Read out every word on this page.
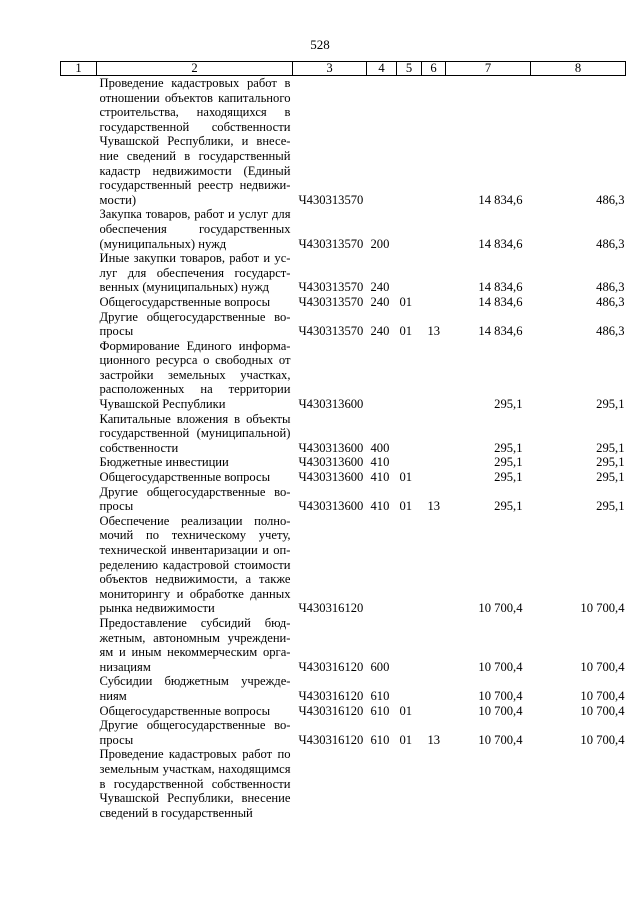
528
1	2	3	4	5	6	7	8
	Проведение кадастровых работ в отношении объектов капитального строительства, находящихся в государственной собственности Чувашской Республики, и внесение сведений в государственный кадастр недвижимости (Единый государственный реестр недвижимости)	Ч430313570				14 834,6	486,3
	Закупка товаров, работ и услуг для обеспечения государственных (муниципальных) нужд	Ч430313570	200			14 834,6	486,3
	Иные закупки товаров, работ и услуг для обеспечения государственных (муниципальных) нужд	Ч430313570	240			14 834,6	486,3
	Общегосударственные вопросы	Ч430313570	240	01		14 834,6	486,3
	Другие общегосударственные вопросы	Ч430313570	240	01	13	14 834,6	486,3
	Формирование Единого информационного ресурса о свободных от застройки земельных участках, расположенных на территории Чувашской Республики	Ч430313600				295,1	295,1
	Капитальные вложения в объекты государственной (муниципальной) собственности	Ч430313600	400			295,1	295,1
	Бюджетные инвестиции	Ч430313600	410			295,1	295,1
	Общегосударственные вопросы	Ч430313600	410	01		295,1	295,1
	Другие общегосударственные вопросы	Ч430313600	410	01	13	295,1	295,1
	Обеспечение реализации полномочий по техническому учету, технической инвентаризации и определению кадастровой стоимости объектов недвижимости, а также мониторингу и обработке данных рынка недвижимости	Ч430316120				10 700,4	10 700,4
	Предоставление субсидий бюджетным, автономным учреждениям и иным некоммерческим организациям	Ч430316120	600			10 700,4	10 700,4
	Субсидии бюджетным учреждениям	Ч430316120	610			10 700,4	10 700,4
	Общегосударственные вопросы	Ч430316120	610	01		10 700,4	10 700,4
	Другие общегосударственные вопросы	Ч430316120	610	01	13	10 700,4	10 700,4
	Проведение кадастровых работ по земельным участкам, находящимся в государственной собственности Чувашской Республики, внесение сведений в государственный						
